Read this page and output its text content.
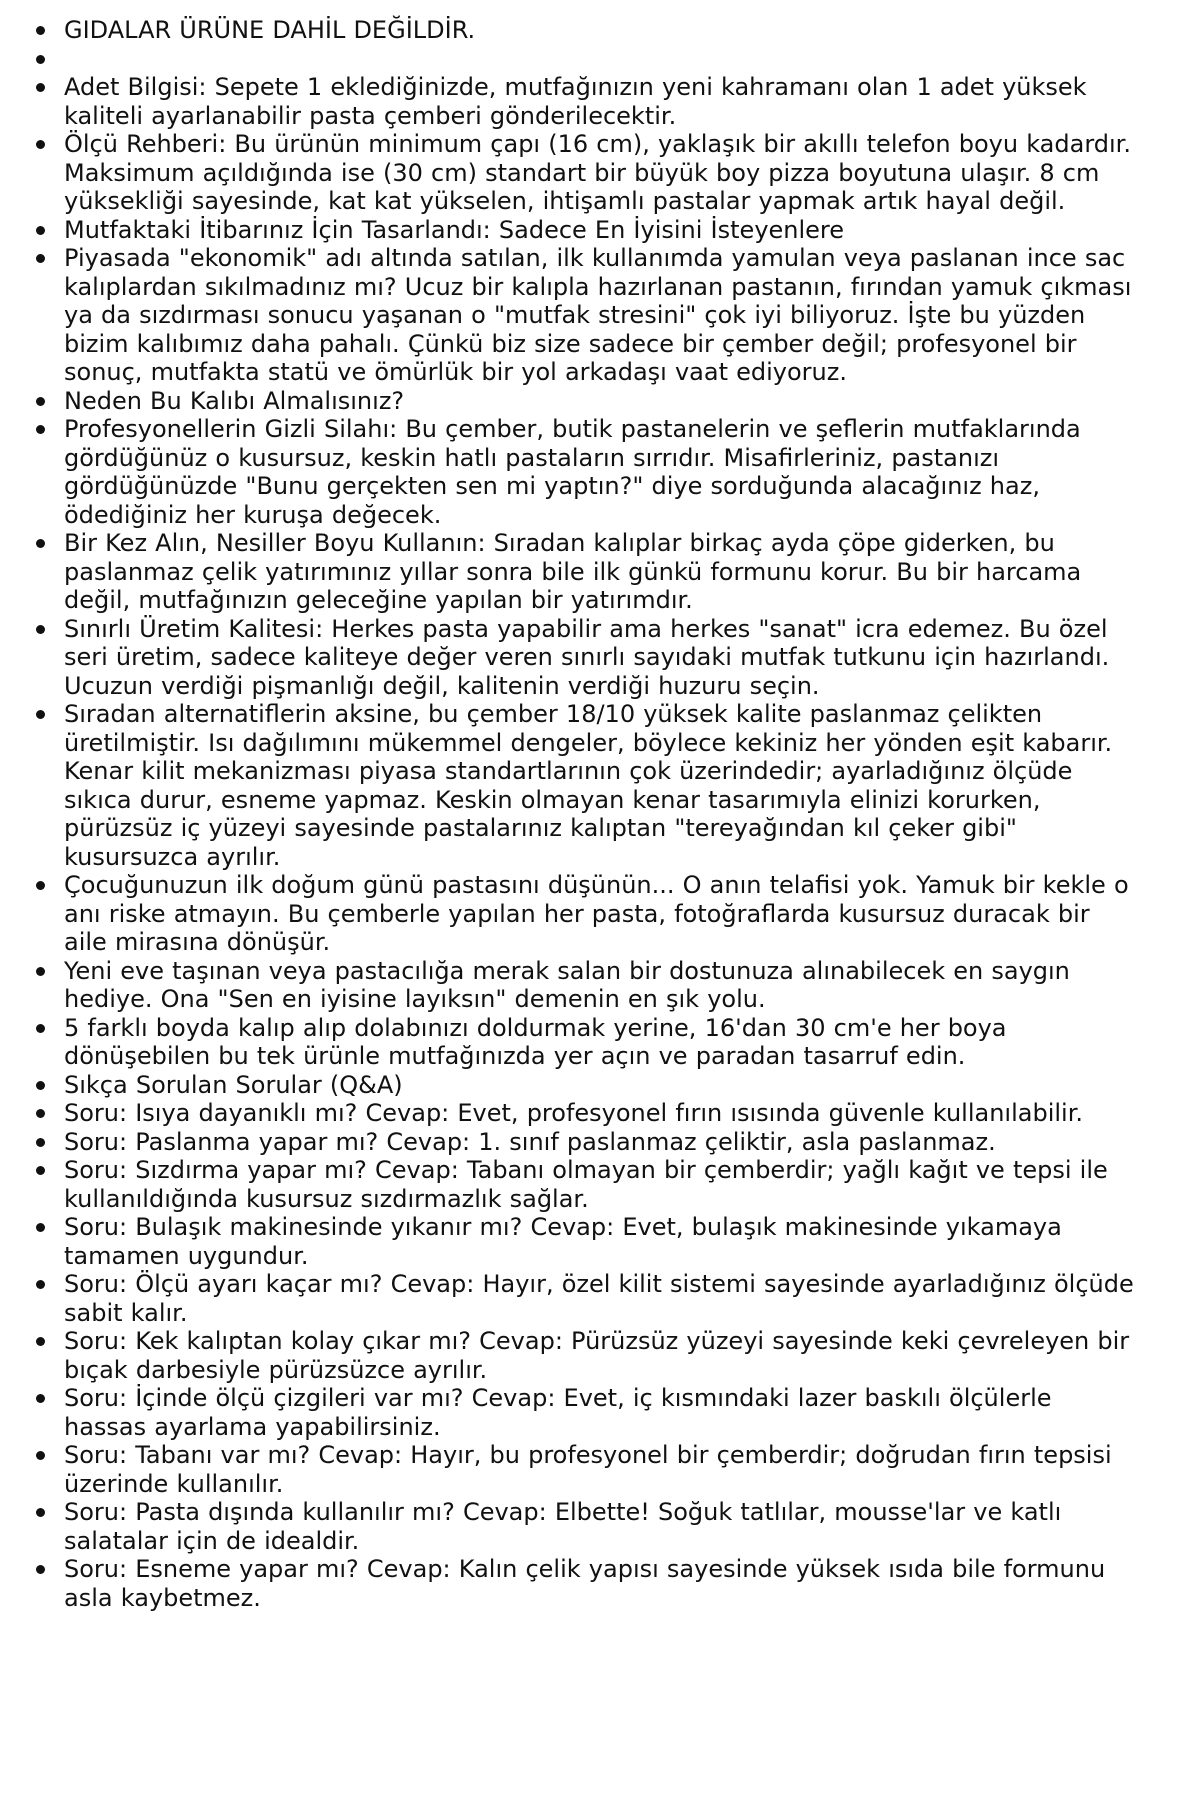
GIDALAR ÜRÜNE DAHİL DEĞİLDİR.
Adet Bilgisi: Sepete 1 eklediğinizde, mutfağınızın yeni kahramanı olan 1 adet yüksek kaliteli ayarlanabilir pasta çemberi gönderilecektir.
Ölçü Rehberi: Bu ürünün minimum çapı (16 cm), yaklaşık bir akıllı telefon boyu kadardır. Maksimum açıldığında ise (30 cm) standart bir büyük boy pizza boyutuna ulaşır. 8 cm yüksekliği sayesinde, kat kat yükselen, ihtişamlı pastalar yapmak artık hayal değil.
Mutfaktaki İtibarınız İçin Tasarlandı: Sadece En İyisini İsteyenlere
Piyasada "ekonomik" adı altında satılan, ilk kullanımda yamulan veya paslanan ince sac kalıplardan sıkılmadınız mı? Ucuz bir kalıpla hazırlanan pastanın, fırından yamuk çıkması ya da sızdırması sonucu yaşanan o "mutfak stresini" çok iyi biliyoruz. İşte bu yüzden bizim kalıbımız daha pahalı. Çünkü biz size sadece bir çember değil; profesyonel bir sonuç, mutfakta statü ve ömürlük bir yol arkadaşı vaat ediyoruz.
Neden Bu Kalıbı Almalısınız?
Profesyonellerin Gizli Silahı: Bu çember, butik pastanelerin ve şeflerin mutfaklarında gördüğünüz o kusursuz, keskin hatlı pastaların sırrıdır. Misafirleriniz, pastanızı gördüğünüzde "Bunu gerçekten sen mi yaptın?" diye sorduğunda alacağınız haz, ödediğiniz her kuruşa değecek.
Bir Kez Alın, Nesiller Boyu Kullanın: Sıradan kalıplar birkaç ayda çöpe giderken, bu paslanmaz çelik yatırımınız yıllar sonra bile ilk günkü formunu korur. Bu bir harcama değil, mutfağınızın geleceğine yapılan bir yatırımdır.
Sınırlı Üretim Kalitesi: Herkes pasta yapabilir ama herkes "sanat" icra edemez. Bu özel seri üretim, sadece kaliteye değer veren sınırlı sayıdaki mutfak tutkunu için hazırlandı. Ucuzun verdiği pişmanlığı değil, kalitenin verdiği huzuru seçin.
Sıradan alternatiflerin aksine, bu çember 18/10 yüksek kalite paslanmaz çelikten üretilmiştir. Isı dağılımını mükemmel dengeler, böylece kekiniz her yönden eşit kabarır. Kenar kilit mekanizması piyasa standartlarının çok üzerindedir; ayarladığınız ölçüde sıkıca durur, esneme yapmaz. Keskin olmayan kenar tasarımıyla elinizi korurken, pürüzsüz iç yüzeyi sayesinde pastalarınız kalıptan "tereyağından kıl çeker gibi" kusursuzca ayrılır.
Çocuğunuzun ilk doğum günü pastasını düşünün... O anın telafisi yok. Yamuk bir kekle o anı riske atmayın. Bu çemberle yapılan her pasta, fotoğraflarda kusursuz duracak bir aile mirasına dönüşür.
Yeni eve taşınan veya pastacılığa merak salan bir dostunuza alınabilecek en saygın hediye. Ona "Sen en iyisine layıksın" demenin en şık yolu.
5 farklı boyda kalıp alıp dolabınızı doldurmak yerine, 16'dan 30 cm'e her boya dönüşebilen bu tek ürünle mutfağınızda yer açın ve paradan tasarruf edin.
Sıkça Sorulan Sorular (Q&A)
Soru: Isıya dayanıklı mı? Cevap: Evet, profesyonel fırın ısısında güvenle kullanılabilir.
Soru: Paslanma yapar mı? Cevap: 1. sınıf paslanmaz çeliktir, asla paslanmaz.
Soru: Sızdırma yapar mı? Cevap: Tabanı olmayan bir çemberdir; yağlı kağıt ve tepsi ile kullanıldığında kusursuz sızdırmazlık sağlar.
Soru: Bulaşık makinesinde yıkanır mı? Cevap: Evet, bulaşık makinesinde yıkamaya tamamen uygundur.
Soru: Ölçü ayarı kaçar mı? Cevap: Hayır, özel kilit sistemi sayesinde ayarladığınız ölçüde sabit kalır.
Soru: Kek kalıptan kolay çıkar mı? Cevap: Pürüzsüz yüzeyi sayesinde keki çevreleyen bir bıçak darbesiyle pürüzsüzce ayrılır.
Soru: İçinde ölçü çizgileri var mı? Cevap: Evet, iç kısmındaki lazer baskılı ölçülerle hassas ayarlama yapabilirsiniz.
Soru: Tabanı var mı? Cevap: Hayır, bu profesyonel bir çemberdir; doğrudan fırın tepsisi üzerinde kullanılır.
Soru: Pasta dışında kullanılır mı? Cevap: Elbette! Soğuk tatlılar, mousse'lar ve katlı salatalar için de idealdir.
Soru: Esneme yapar mı? Cevap: Kalın çelik yapısı sayesinde yüksek ısıda bile formunu asla kaybetmez.
